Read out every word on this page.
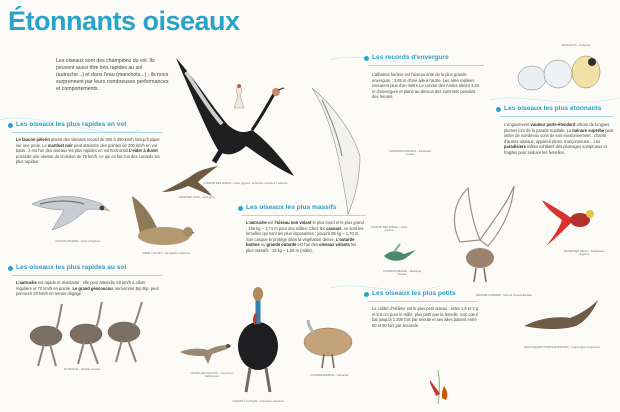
Étonnants oiseaux
Les oiseaux sont des champions du vol. Ils peuvent aussi être très rapides au sol (autruche...) et dans l'eau (manchots...) ; ils nous surprennent par leurs nombreuses performances et comportements.
Les oiseaux les plus rapides en vol
Le faucon pèlerin atteint des vitesses record de 300 à 390 km/h lorsqu'il pique sur une proie. Le martinet noir peut atteindre des pointes de 200 km/h en vol battu : il est l'un des oiseaux les plus rapides en vol horizontal.L'eider à duvet possède une vitesse de croisière de 75 km/h, ce qui en fait l'un des canards les plus rapides.
Les oiseaux les plus rapides au sol
L'autruche est rapide et résistante ; elle peut atteindre 60 km/h à allure régulière et 70 km/h en pointe. Le grand géocoucou, surnommé Bip Bip, peut parcourir 30 km/h en terrain dégagé.
Les records d'envergure
L'albatros hurleur est l'oiseau doté de la plus grande envergure : 3,65 m d'une aile à l'autre. Les ailes repliées mesurent plus d'un mètre.Le condor des Andes atteint 3,20 m d'envergure et plane au-dessus des sommets pendant des heures.
Les oiseaux les plus massifs
L'autruche est l'oiseau non volant le plus lourd et le plus grand : 156 kg – 2,74 m pour des mâles. Chez les casoars, ce sont les femelles qui sont les plus imposantes : jusqu'à 85 kg – 1,70 m. Son casque le protège dans la végétation dense. L'outarde barbue ou grande outarde est l'un des oiseaux volants les plus massifs : 18 kg – 1,05 m (mâle).
Les oiseaux les plus petits
Le colibri d'Hélène est le plus petit oiseau : entre 1,6 et 2 g et 5,5 cm pour le mâle, plus petit que la femelle. Son cœur bat jusqu'à 1 200 fois par minute et ses ailes battent entre 50 et 80 fois par seconde.
Les oiseaux les plus étonnants
L'engoulevent vauteur porte-étendard arbore de longues plumes lors de la parade nuptiale. La ménure superbe peut imiter de nombreux sons de son environnement : chants d'autres oiseaux, appareil photo, tronçonneuse... Les paradisiers mâles exhibent des plumages somptueux et fragiles pour séduire les femelles.
CONDOR DES ANDES – Vultur gryphus. La famille comprend 7 espèces.
FAUCON PÈLERIN – Falco peregrinus
MARTINET NOIR – Apus apus
EIDER À DUVET – Somateria mollissima
AUTRUCHE – Struthio camelus
GRAND GÉOCOUCOU – Geococcyx californianus
CASOAR À CASQUE – Casuarius casuarius
OUTARDE BARBUE – Otis tarda
ALBATROS HURLEUR – Diomedea exulans
CONDOR DES ANDES – Vultur gryphus
COLIBRI D'HÉLÈNE – Mellisuga helenae
MÉNURE SUPERBE – Menura novaehollandiae
PARADISIER RAGGI – Paradisaea raggiana
ENGOULEVENT PORTE-ÉTENDARD – Caprimulgus longipennis
MANCHOTS – Eudyptes
